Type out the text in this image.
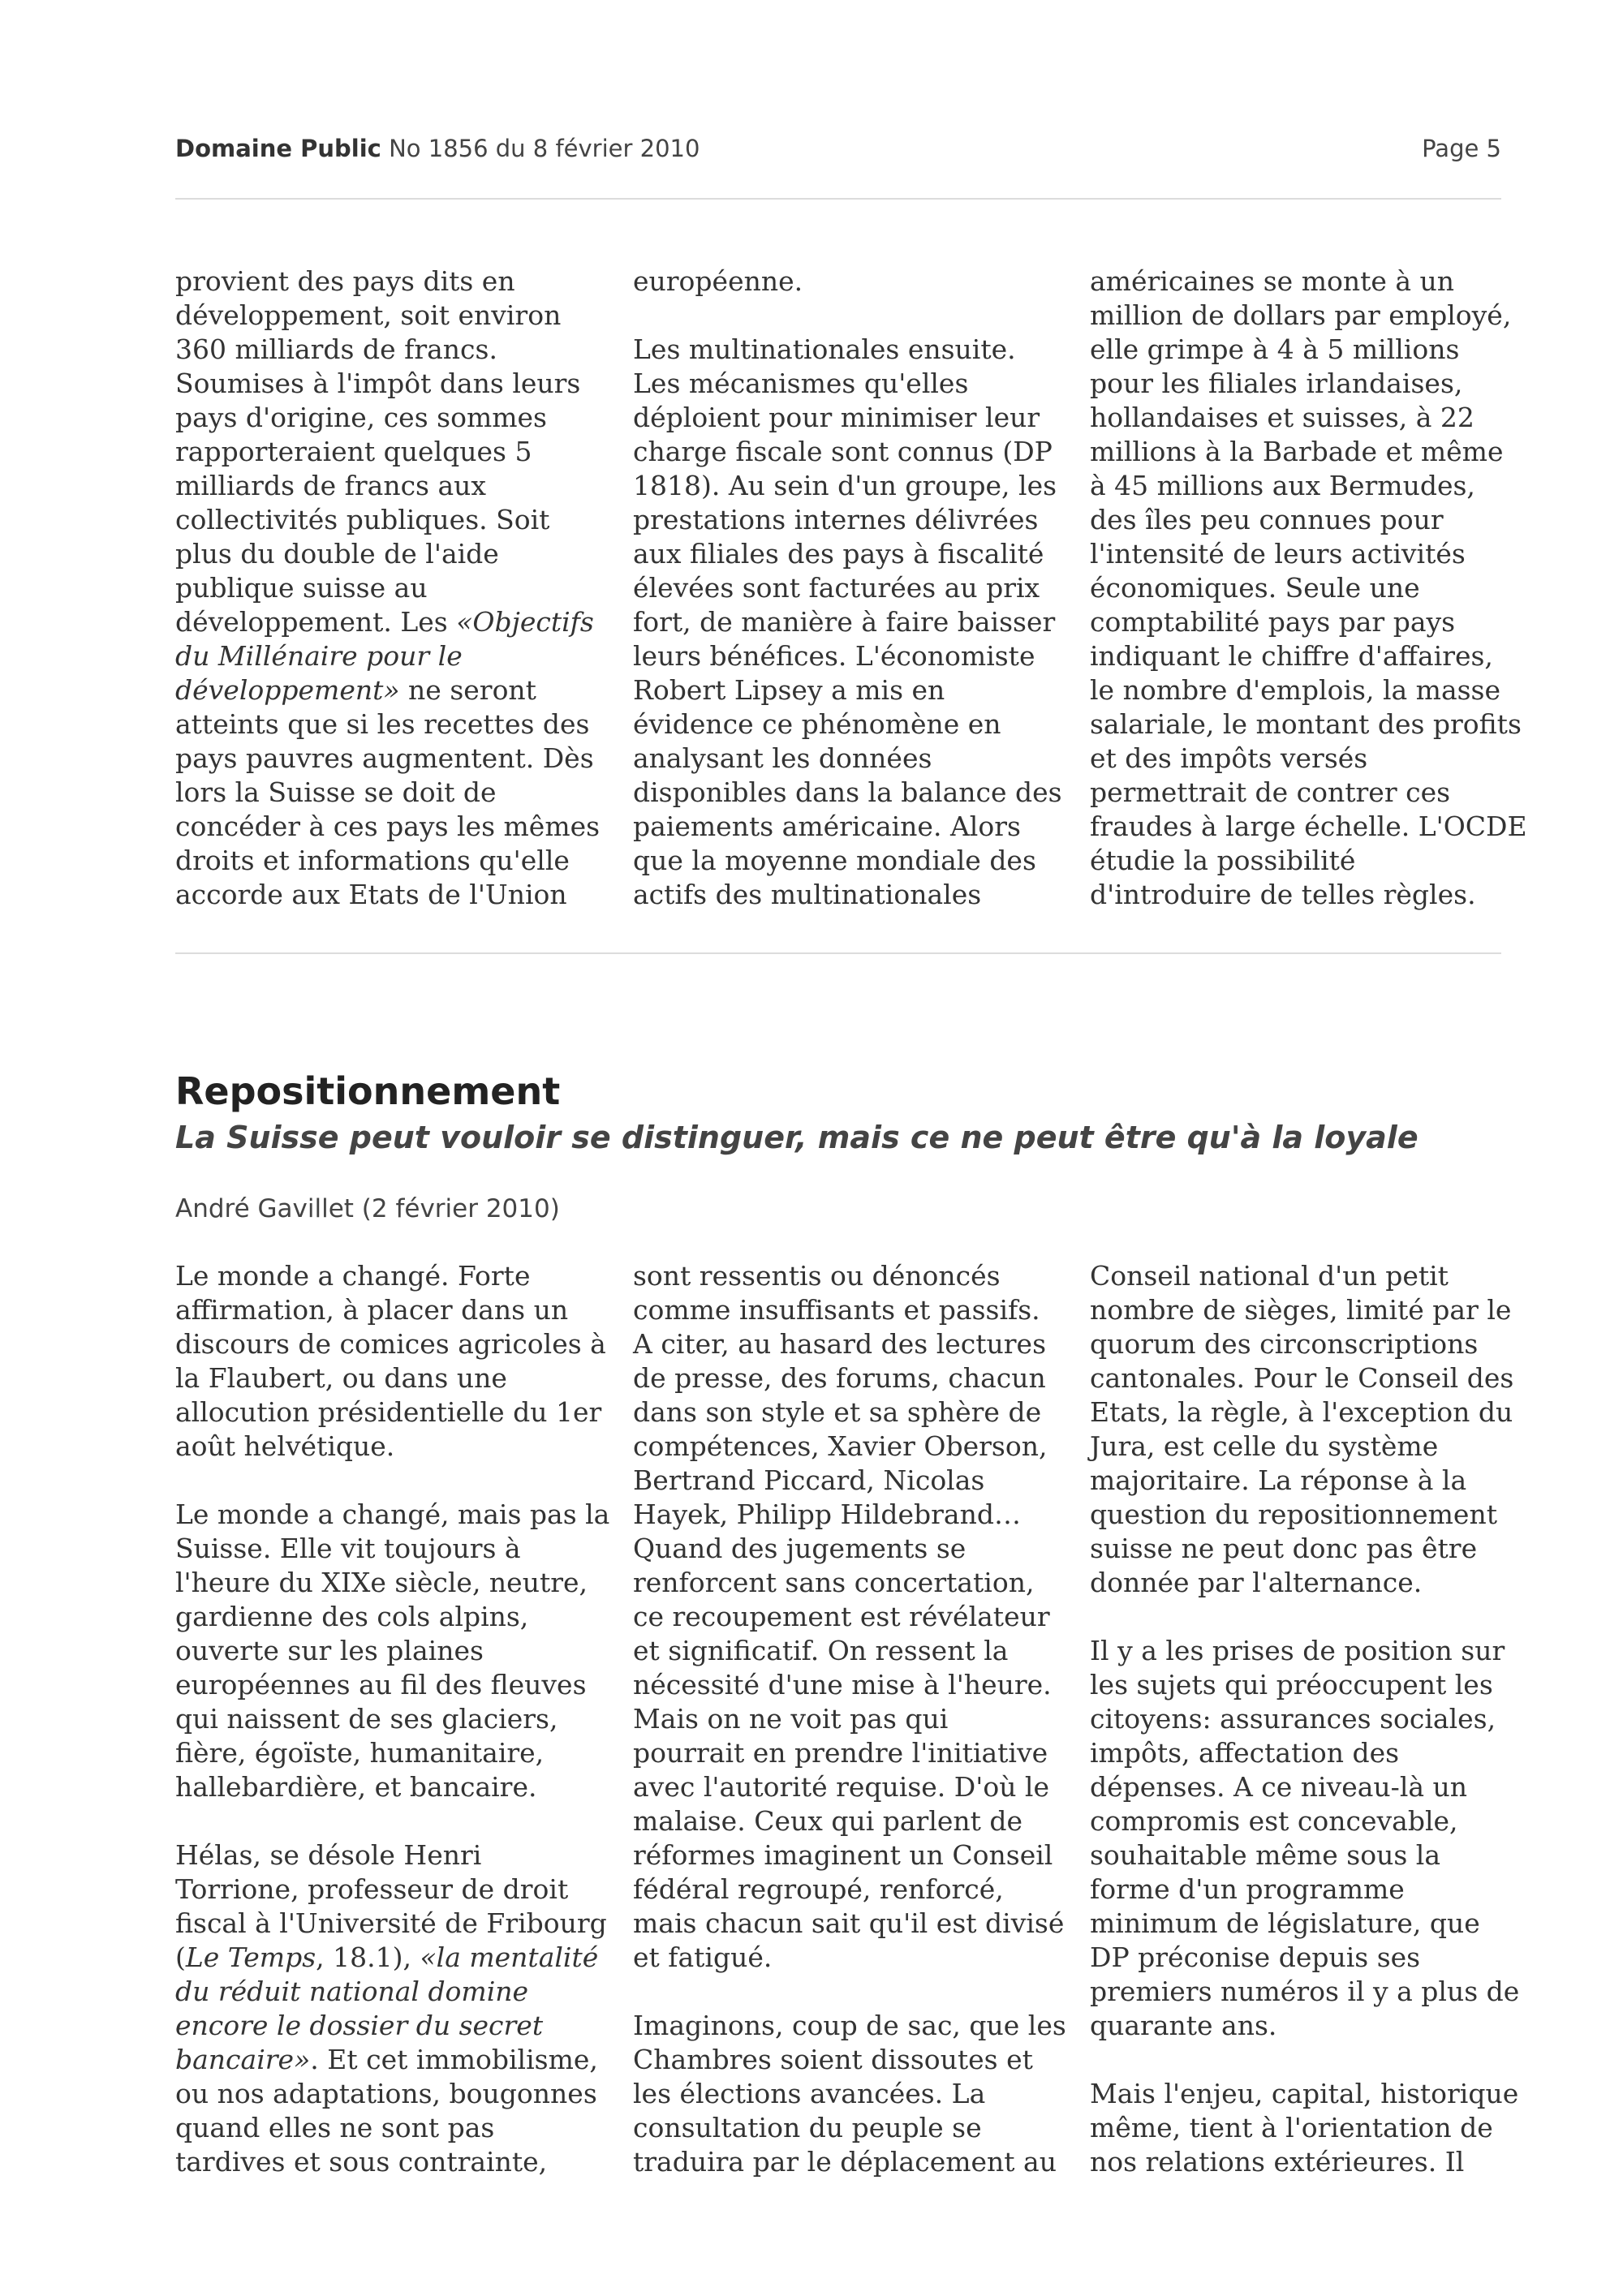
Domaine Public No 1856 du 8 février 2010	Page 5

provient des pays dits en
développement, soit environ
360 milliards de francs.
Soumises à l'impôt dans leurs
pays d'origine, ces sommes
rapporteraient quelques 5
milliards de francs aux
collectivités publiques. Soit
plus du double de l'aide
publique suisse au
développement. Les «Objectifs
du Millénaire pour le
développement» ne seront
atteints que si les recettes des
pays pauvres augmentent. Dès
lors la Suisse se doit de
concéder à ces pays les mêmes
droits et informations qu'elle
accorde aux Etats de l'Union

européenne.

Les multinationales ensuite.
Les mécanismes qu'elles
déploient pour minimiser leur
charge fiscale sont connus (DP
1818). Au sein d'un groupe, les
prestations internes délivrées
aux filiales des pays à fiscalité
élevées sont facturées au prix
fort, de manière à faire baisser
leurs bénéfices. L'économiste
Robert Lipsey a mis en
évidence ce phénomène en
analysant les données
disponibles dans la balance des
paiements américaine. Alors
que la moyenne mondiale des
actifs des multinationales

américaines se monte à un
million de dollars par employé,
elle grimpe à 4 à 5 millions
pour les filiales irlandaises,
hollandaises et suisses, à 22
millions à la Barbade et même
à 45 millions aux Bermudes,
des îles peu connues pour
l'intensité de leurs activités
économiques. Seule une
comptabilité pays par pays
indiquant le chiffre d'affaires,
le nombre d'emplois, la masse
salariale, le montant des profits
et des impôts versés
permettrait de contrer ces
fraudes à large échelle. L'OCDE
étudie la possibilité
d'introduire de telles règles.

Repositionnement
La Suisse peut vouloir se distinguer, mais ce ne peut être qu'à la loyale
André Gavillet (2 février 2010)

Le monde a changé. Forte
affirmation, à placer dans un
discours de comices agricoles à
la Flaubert, ou dans une
allocution présidentielle du 1er
août helvétique.

Le monde a changé, mais pas la
Suisse. Elle vit toujours à
l'heure du XIXe siècle, neutre,
gardienne des cols alpins,
ouverte sur les plaines
européennes au fil des fleuves
qui naissent de ses glaciers,
fière, égoïste, humanitaire,
hallebardière, et bancaire.

Hélas, se désole Henri
Torrione, professeur de droit
fiscal à l'Université de Fribourg
(Le Temps, 18.1), «la mentalité
du réduit national domine
encore le dossier du secret
bancaire». Et cet immobilisme,
ou nos adaptations, bougonnes
quand elles ne sont pas
tardives et sous contrainte,

sont ressentis ou dénoncés
comme insuffisants et passifs.
A citer, au hasard des lectures
de presse, des forums, chacun
dans son style et sa sphère de
compétences, Xavier Oberson,
Bertrand Piccard, Nicolas
Hayek, Philipp Hildebrand…
Quand des jugements se
renforcent sans concertation,
ce recoupement est révélateur
et significatif. On ressent la
nécessité d'une mise à l'heure.
Mais on ne voit pas qui
pourrait en prendre l'initiative
avec l'autorité requise. D'où le
malaise. Ceux qui parlent de
réformes imaginent un Conseil
fédéral regroupé, renforcé,
mais chacun sait qu'il est divisé
et fatigué.

Imaginons, coup de sac, que les
Chambres soient dissoutes et
les élections avancées. La
consultation du peuple se
traduira par le déplacement au

Conseil national d'un petit
nombre de sièges, limité par le
quorum des circonscriptions
cantonales. Pour le Conseil des
Etats, la règle, à l'exception du
Jura, est celle du système
majoritaire. La réponse à la
question du repositionnement
suisse ne peut donc pas être
donnée par l'alternance.

Il y a les prises de position sur
les sujets qui préoccupent les
citoyens: assurances sociales,
impôts, affectation des
dépenses. A ce niveau-là un
compromis est concevable,
souhaitable même sous la
forme d'un programme
minimum de législature, que
DP préconise depuis ses
premiers numéros il y a plus de
quarante ans.

Mais l'enjeu, capital, historique
même, tient à l'orientation de
nos relations extérieures. Il
